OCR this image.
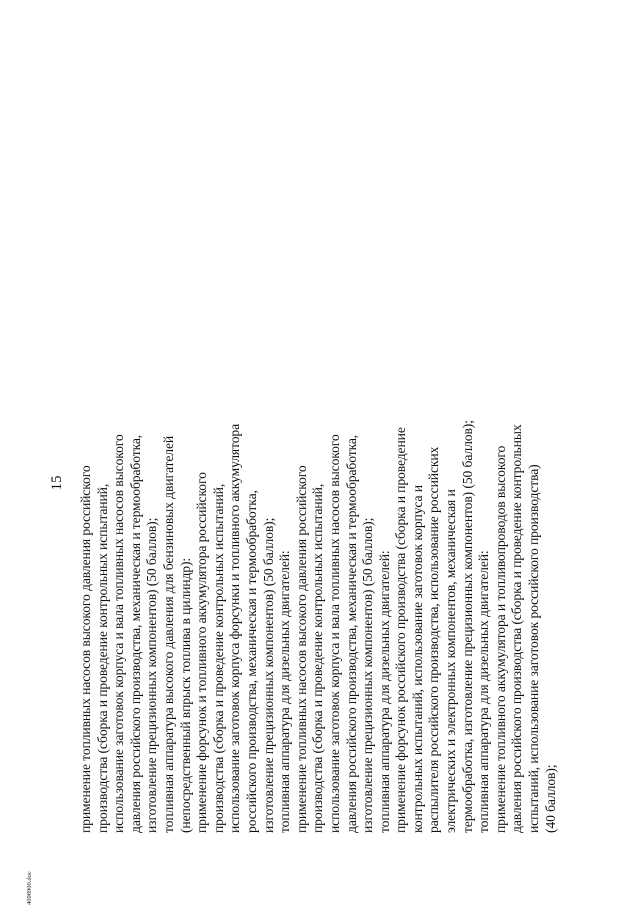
15 применение топливных насосов высокого давления российского производства (сборка и проведение контрольных испытаний, использование заготовок корпуса и вала топливных насосов высокого давления российского производства, механическая и термообработка, изготовление прецизионных компонентов) (50 баллов); топливная аппаратура высокого давления для бензиновых двигателей (непосредственный впрыск топлива в цилиндр): применение форсунок и топливного аккумулятора российского производства (сборка и проведение контрольных испытаний, использование заготовок корпуса форсунки и топливного аккумулятора российского производства, механическая и термообработка, изготовление прецизионных компонентов) (50 баллов); топливная аппаратура для дизельных двигателей: применение топливных насосов высокого давления российского производства (сборка и проведение контрольных испытаний, использование заготовок корпуса и вала топливных насосов высокого давления российского производства, механическая и термообработка, изготовление прецизионных компонентов) (50 баллов); топливная аппаратура для дизельных двигателей: применение форсунок российского производства (сборка и проведение контрольных испытаний, использование заготовок корпуса и распылителя российского производства, использование российских электрических и электронных компонентов, механическая и термообработка, изготовление прецизионных компонентов) (50 баллов); топливная аппаратура для дизельных двигателей: применение топливного аккумулятора и топливопроводов высокого давления российского производства (сборка и проведение контрольных испытаний, использование заготовок российского производства) (40 баллов);
4098900.doc
